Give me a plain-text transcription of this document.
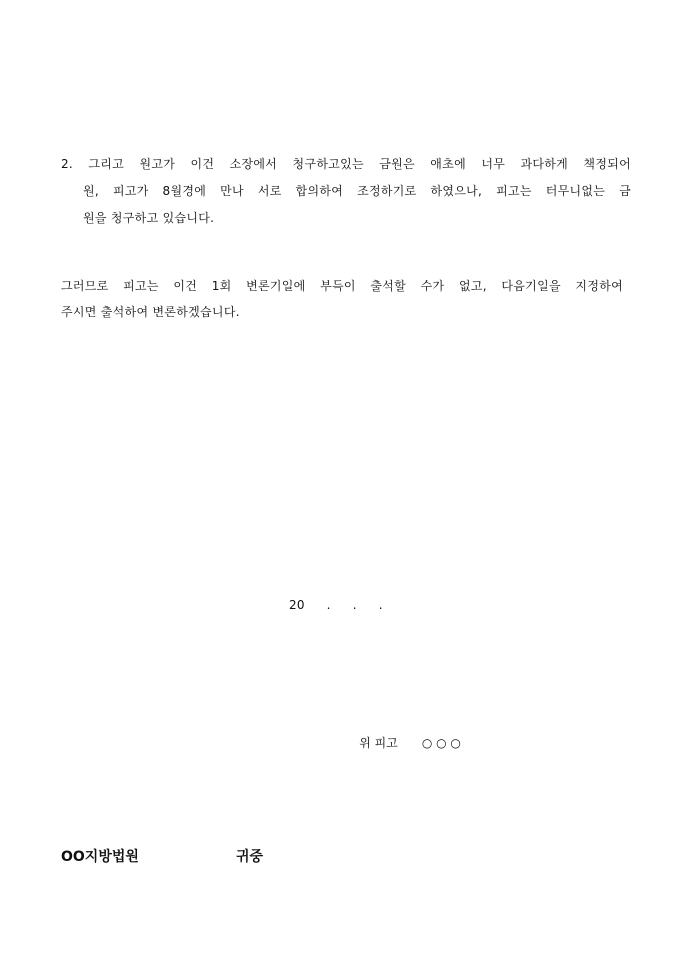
2. 그리고 원고가 이건 소장에서 청구하고있는 금원은 애초에 너무 과다하게 책정되어
원, 피고가 8월경에 만나 서로 합의하여 조정하기로 하였으나, 피고는 터무니없는 금
원을 청구하고 있습니다.
그러므로 피고는 이건 1회 변론기일에 부득이 출석할 수가 없고, 다음기일을 지정하여
주시면 출석하여 변론하겠습니다.
20 . . .

위 피고 ○ ○ ○

OO지방법원	귀중
